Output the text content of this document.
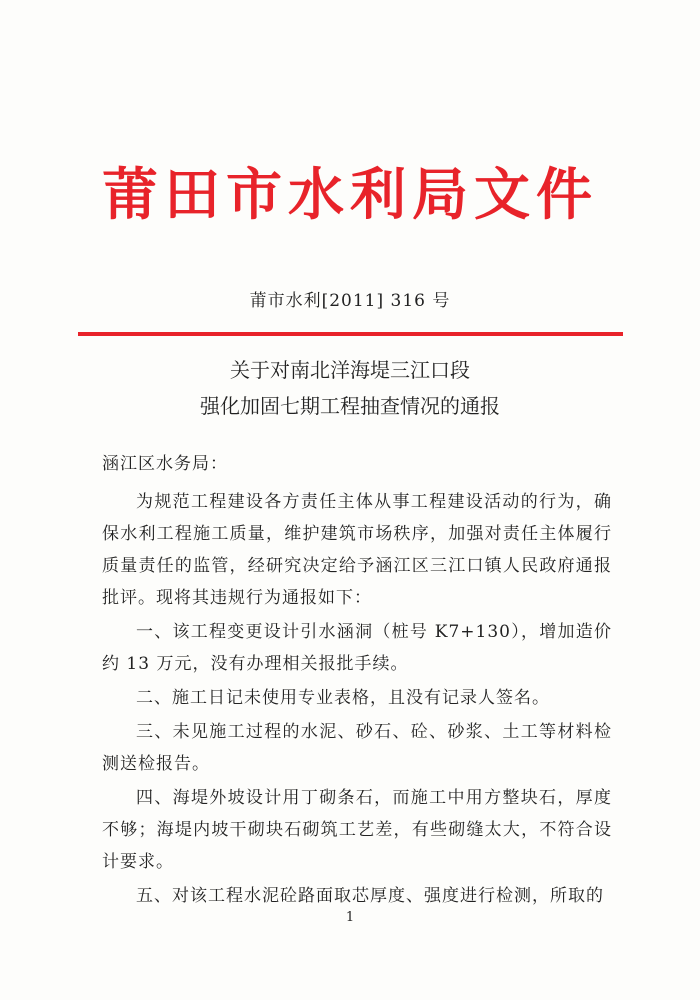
莆田市水利局文件
莆市水利[2011] 316 号
关于对南北洋海堤三江口段
强化加固七期工程抽查情况的通报

涵江区水务局：

为规范工程建设各方责任主体从事工程建设活动的行为，确保水利工程施工质量，维护建筑市场秩序，加强对责任主体履行质量责任的监管，经研究决定给予涵江区三江口镇人民政府通报批评。现将其违规行为通报如下：

一、该工程变更设计引水涵洞（桩号 K7+130），增加造价约 13 万元，没有办理相关报批手续。

二、施工日记未使用专业表格，且没有记录人签名。

三、未见施工过程的水泥、砂石、砼、砂浆、土工等材料检测送检报告。

四、海堤外坡设计用丁砌条石，而施工中用方整块石，厚度不够；海堤内坡干砌块石砌筑工艺差，有些砌缝太大，不符合设计要求。

五、对该工程水泥砼路面取芯厚度、强度进行检测，所取的

1
